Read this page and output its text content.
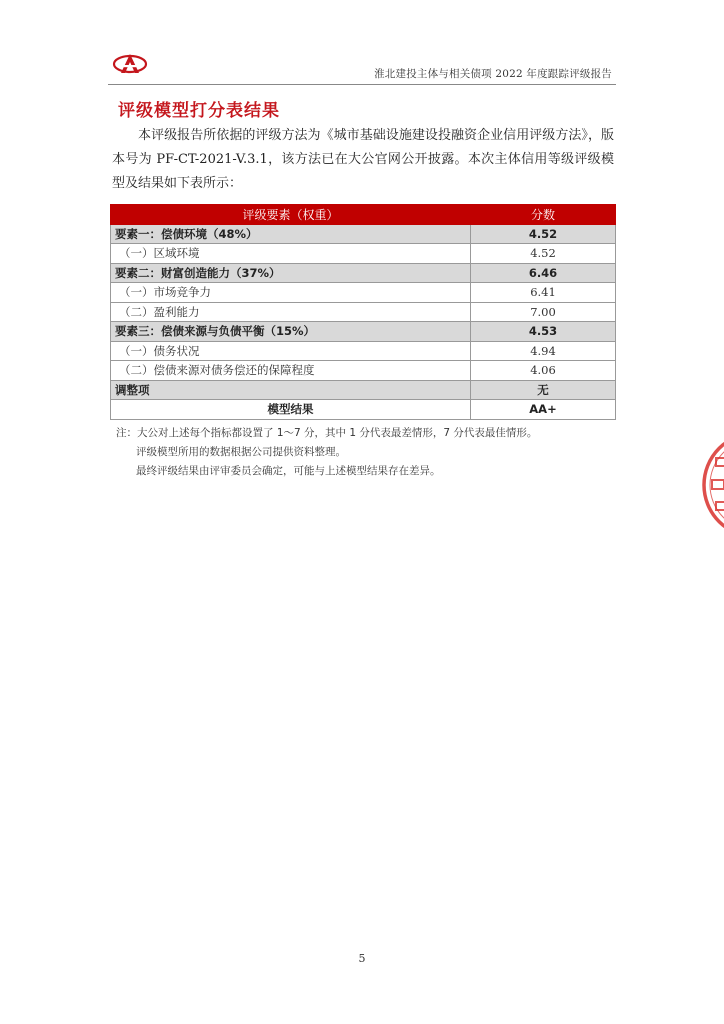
淮北建投主体与相关债项 2022 年度跟踪评级报告
评级模型打分表结果
本评级报告所依据的评级方法为《城市基础设施建设投融资企业信用评级方法》，版本号为 PF-CT-2021-V.3.1，该方法已在大公官网公开披露。本次主体信用等级评级模型及结果如下表所示：
评级要素（权重）	分数
要素一：偿债环境（48%）	4.52
（一）区域环境	4.52
要素二：财富创造能力（37%）	6.46
（一）市场竞争力	6.41
（二）盈利能力	7.00
要素三：偿债来源与负债平衡（15%）	4.53
（一）债务状况	4.94
（二）偿债来源对债务偿还的保障程度	4.06
调整项	无
模型结果	AA+
注：大公对上述每个指标都设置了 1～7 分，其中 1 分代表最差情形，7 分代表最佳情形。
评级模型所用的数据根据公司提供资料整理。
最终评级结果由评审委员会确定，可能与上述模型结果存在差异。
5
